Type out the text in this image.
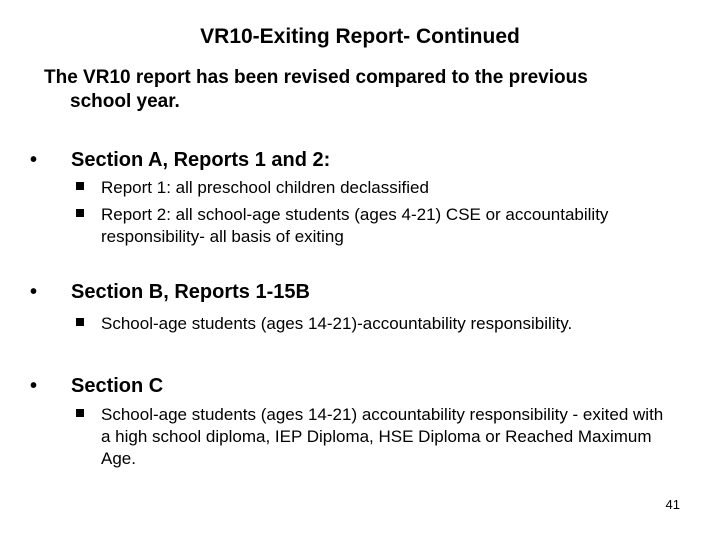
VR10-Exiting Report- Continued
The VR10 report has been revised compared to the previous
school year.
•	Section A, Reports 1 and 2:
Report 1: all preschool children declassified
Report 2: all school-age students (ages 4-21) CSE or accountability responsibility- all basis of exiting
•	Section B, Reports 1-15B
School-age students (ages 14-21)-accountability responsibility.
•	Section C
School-age students (ages 14-21) accountability responsibility - exited with a high school diploma, IEP Diploma, HSE Diploma or Reached Maximum Age.
41
